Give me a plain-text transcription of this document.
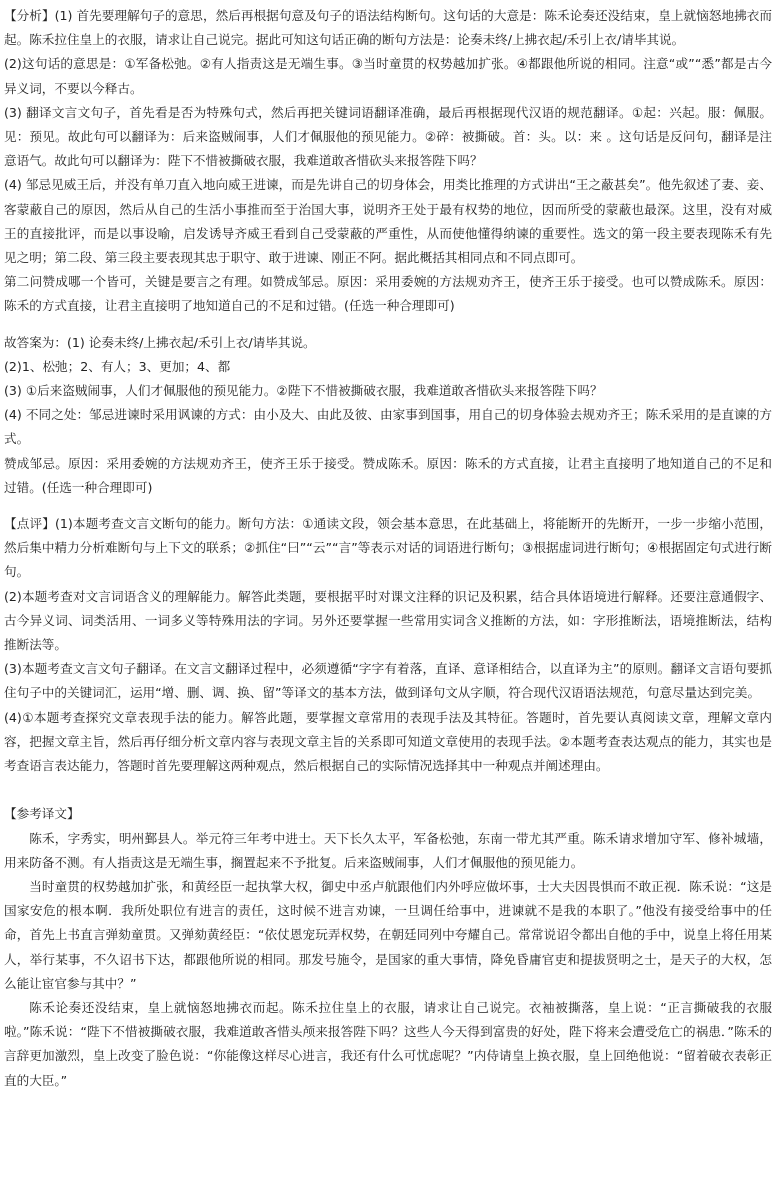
【分析】(1) 首先要理解句子的意思，然后再根据句意及句子的语法结构断句。这句话的大意是：陈禾论奏还没结束，皇上就恼怒地拂衣而起。陈禾拉住皇上的衣服，请求让自己说完。据此可知这句话正确的断句方法是：论奏未终/上拂衣起/禾引上衣/请毕其说。

(2)这句话的意思是：①军备松弛。②有人指责这是无端生事。③当时童贯的权势越加扩张。④都跟他所说的相同。注意“或”“悉”都是古今异义词，不要以今释古。

(3) 翻译文言文句子，首先看是否为特殊句式，然后再把关键词语翻译准确，最后再根据现代汉语的规范翻译。①起：兴起。服：佩服。见：预见。故此句可以翻译为：后来盗贼闹事，人们才佩服他的预见能力。②碎：被撕破。首：头。以：来 。这句话是反问句，翻译是注意语气。故此句可以翻译为：陛下不惜被撕破衣服，我难道敢吝惜砍头来报答陛下吗？

(4) 邹忌见威王后，并没有单刀直入地向威王进谏，而是先讲自己的切身体会，用类比推理的方式讲出“王之蔽甚矣”。他先叙述了妻、妾、客蒙蔽自己的原因，然后从自己的生活小事推而至于治国大事，说明齐王处于最有权势的地位，因而所受的蒙蔽也最深。这里，没有对威王的直接批评，而是以事设喻，启发诱导齐威王看到自己受蒙蔽的严重性，从而使他懂得纳谏的重要性。选文的第一段主要表现陈禾有先见之明；第二段、第三段主要表现其忠于职守、敢于进谏、刚正不阿。据此概括其相同点和不同点即可。

第二问赞成哪一个皆可，关键是要言之有理。如赞成邹忌。原因：采用委婉的方法规劝齐王，使齐王乐于接受。也可以赞成陈禾。原因：陈禾的方式直接，让君主直接明了地知道自己的不足和过错。(任选一种合理即可)

故答案为：(1) 论奏未终/上拂衣起/禾引上衣/请毕其说。

(2)1、松弛；2、有人；3、更加；4、都

(3) ①后来盗贼闹事，人们才佩服他的预见能力。②陛下不惜被撕破衣服，我难道敢吝惜砍头来报答陛下吗？

(4) 不同之处：邹忌进谏时采用讽谏的方式：由小及大、由此及彼、由家事到国事，用自己的切身体验去规劝齐王；陈禾采用的是直谏的方式。

赞成邹忌。原因：采用委婉的方法规劝齐王，使齐王乐于接受。赞成陈禾。原因：陈禾的方式直接，让君主直接明了地知道自己的不足和过错。(任选一种合理即可)

【点评】(1)本题考查文言文断句的能力。断句方法：①通读文段，领会基本意思，在此基础上，将能断开的先断开，一步一步缩小范围，然后集中精力分析难断句与上下文的联系；②抓住“曰”“云”“言”等表示对话的词语进行断句；③根据虚词进行断句；④根据固定句式进行断句。

(2)本题考查对文言词语含义的理解能力。解答此类题，要根据平时对课文注释的识记及积累，结合具体语境进行解释。还要注意通假字、古今异义词、词类活用、一词多义等特殊用法的字词。另外还要掌握一些常用实词含义推断的方法，如：字形推断法，语境推断法，结构推断法等。

(3)本题考查文言文句子翻译。在文言文翻译过程中，必须遵循“字字有着落，直译、意译相结合，以直译为主”的原则。翻译文言语句要抓住句子中的关键词汇，运用“增、删、调、换、留”等译文的基本方法，做到译句文从字顺，符合现代汉语语法规范，句意尽量达到完美。

(4)①本题考查探究文章表现手法的能力。解答此题，要掌握文章常用的表现手法及其特征。答题时，首先要认真阅读文章，理解文章内容，把握文章主旨，然后再仔细分析文章内容与表现文章主旨的关系即可知道文章使用的表现手法。②本题考查表达观点的能力，其实也是考查语言表达能力，答题时首先要理解这两种观点，然后根据自己的实际情况选择其中一种观点并阐述理由。

【参考译文】

陈禾，字秀实，明州鄞县人。举元符三年考中进士。天下长久太平，军备松弛，东南一带尤其严重。陈禾请求增加守军、修补城墙，用来防备不测。有人指责这是无端生事，搁置起来不予批复。后来盗贼闹事，人们才佩服他的预见能力。

当时童贯的权势越加扩张，和黄经臣一起执掌大权，御史中丞卢航跟他们内外呼应做坏事，士大夫因畏惧而不敢正视．陈禾说：“这是国家安危的根本啊．我所处职位有进言的责任，这时候不进言劝谏，一旦调任给事中，进谏就不是我的本职了。”他没有接受给事中的任命，首先上书直言弹劾童贯。又弹劾黄经臣：“依仗恩宠玩弄权势，在朝廷同列中夸耀自己。常常说诏令都出自他的手中，说皇上将任用某人，举行某事，不久诏书下达，都跟他所说的相同。那发号施令，是国家的重大事情，降免昏庸官吏和提拔贤明之士，是天子的大权，怎么能让宦官参与其中？”

陈禾论奏还没结束，皇上就恼怒地拂衣而起。陈禾拉住皇上的衣服，请求让自己说完。衣袖被撕落，皇上说：“正言撕破我的衣服啦。”陈禾说：“陛下不惜被撕破衣服，我难道敢吝惜头颅来报答陛下吗？这些人今天得到富贵的好处，陛下将来会遭受危亡的祸患．”陈禾的言辞更加激烈，皇上改变了脸色说：“你能像这样尽心进言，我还有什么可忧虑呢？”内侍请皇上换衣服，皇上回绝他说：“留着破衣表彰正直的大臣。”
